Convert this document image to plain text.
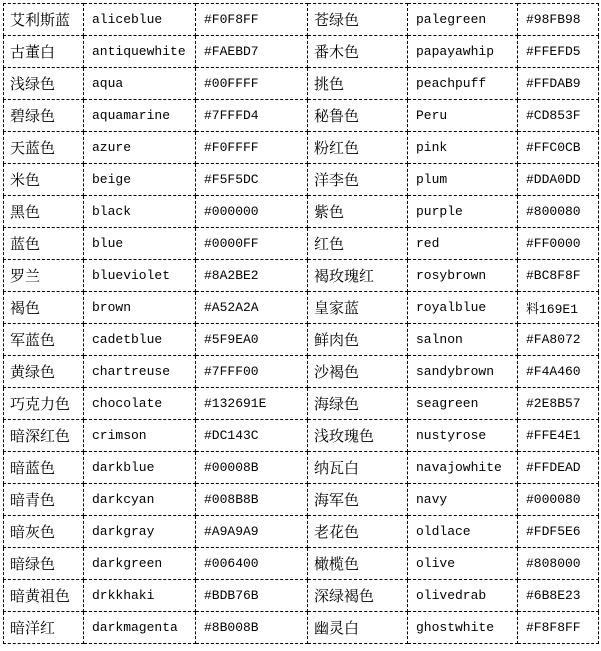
艾利斯蓝	aliceblue	#F0F8FF	苍绿色	palegreen	#98FB98
古董白	antiquewhite	#FAEBD7	番木色	papayawhip	#FFEFD5
浅绿色	aqua	#00FFFF	挑色	peachpuff	#FFDAB9
碧绿色	aquamarine	#7FFFD4	秘鲁色	Peru	#CD853F
天蓝色	azure	#F0FFFF	粉红色	pink	#FFC0CB
米色	beige	#F5F5DC	洋李色	plum	#DDA0DD
黑色	black	#000000	紫色	purple	#800080
蓝色	blue	#0000FF	红色	red	#FF0000
罗兰	blueviolet	#8A2BE2	褐玫瑰红	rosybrown	#BC8F8F
褐色	brown	#A52A2A	皇家蓝	royalblue	料169E1
军蓝色	cadetblue	#5F9EA0	鲜肉色	salnon	#FA8072
黄绿色	chartreuse	#7FFF00	沙褐色	sandybrown	#F4A460
巧克力色	chocolate	#132691E	海绿色	seagreen	#2E8B57
暗深红色	crimson	#DC143C	浅玫瑰色	nustyrose	#FFE4E1
暗蓝色	darkblue	#00008B	纳瓦白	navajowhite	#FFDEAD
暗青色	darkcyan	#008B8B	海军色	navy	#000080
暗灰色	darkgray	#A9A9A9	老花色	oldlace	#FDF5E6
暗绿色	darkgreen	#006400	橄榄色	olive	#808000
暗黄祖色	drkkhaki	#BDB76B	深绿褐色	olivedrab	#6B8E23
暗洋红	darkmagenta	#8B008B	幽灵白	ghostwhite	#F8F8FF
